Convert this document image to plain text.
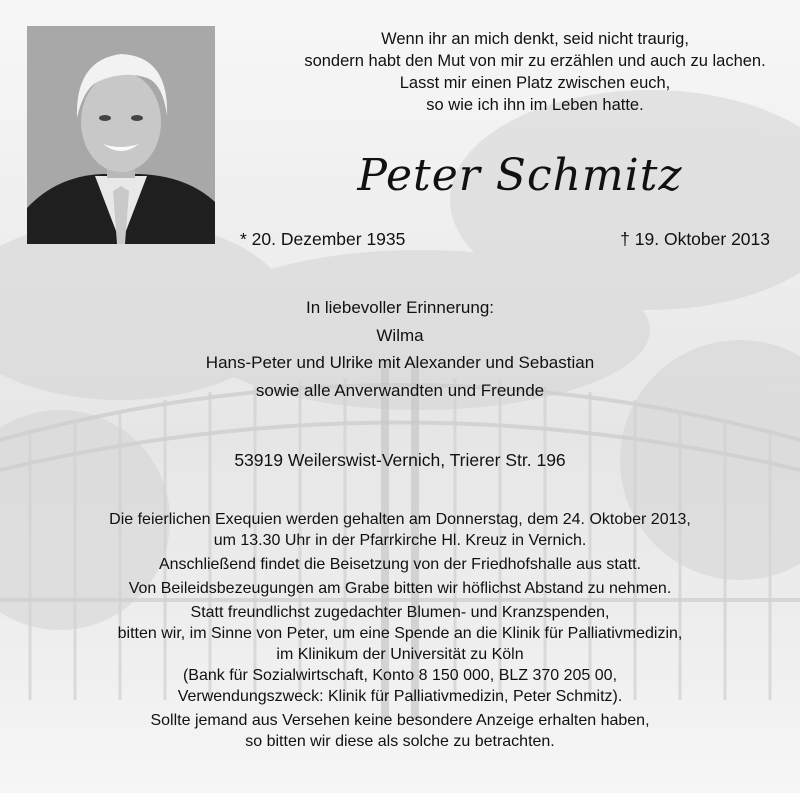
Wenn ihr an mich denkt, seid nicht traurig,
sondern habt den Mut von mir zu erzählen und auch zu lachen.
Lasst mir einen Platz zwischen euch,
so wie ich ihn im Leben hatte.
Peter Schmitz
* 20. Dezember 1935	† 19. Oktober 2013
In liebevoller Erinnerung:
Wilma
Hans-Peter und Ulrike mit Alexander und Sebastian
sowie alle Anverwandten und Freunde
53919 Weilerswist-Vernich, Trierer Str. 196
Die feierlichen Exequien werden gehalten am Donnerstag, dem 24. Oktober 2013,
um 13.30 Uhr in der Pfarrkirche Hl. Kreuz in Vernich.
Anschließend findet die Beisetzung von der Friedhofshalle aus statt.
Von Beileidsbezeugungen am Grabe bitten wir höflichst Abstand zu nehmen.
Statt freundlichst zugedachter Blumen- und Kranzspenden,
bitten wir, im Sinne von Peter, um eine Spende an die Klinik für Palliativmedizin,
im Klinikum der Universität zu Köln
(Bank für Sozialwirtschaft, Konto 8 150 000, BLZ 370 205 00,
Verwendungszweck: Klinik für Palliativmedizin, Peter Schmitz).
Sollte jemand aus Versehen keine besondere Anzeige erhalten haben,
so bitten wir diese als solche zu betrachten.
